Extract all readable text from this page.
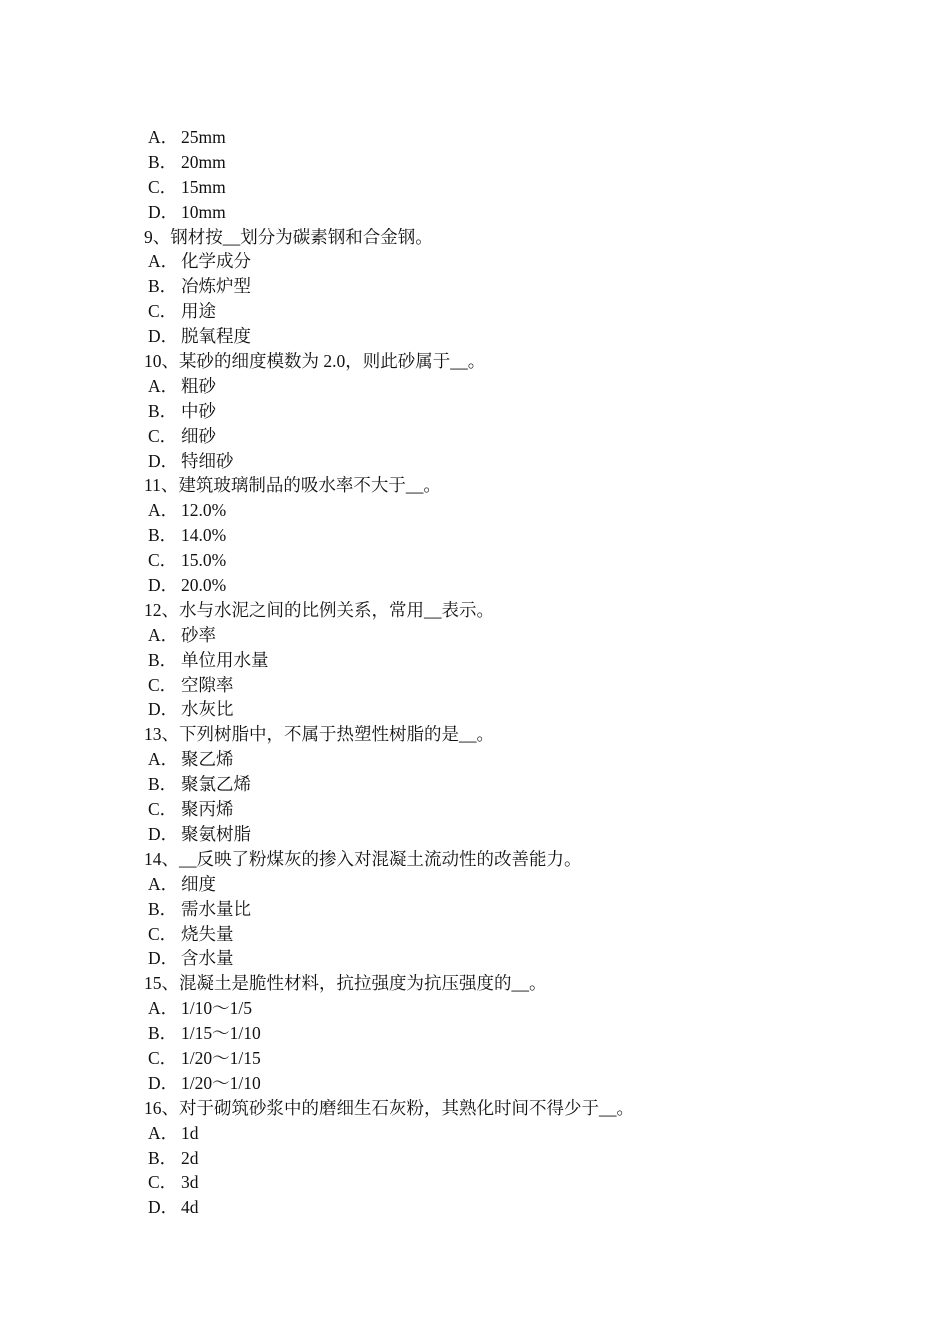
A． 25mm
B． 20mm
C． 15mm
D． 10mm
9、钢材按__划分为碳素钢和合金钢。
A． 化学成分
B． 冶炼炉型
C． 用途
D． 脱氧程度
10、某砂的细度模数为 2.0，则此砂属于__。
A． 粗砂
B． 中砂
C． 细砂
D． 特细砂
11、建筑玻璃制品的吸水率不大于__。
A． 12.0%
B． 14.0%
C． 15.0%
D． 20.0%
12、水与水泥之间的比例关系，常用__表示。
A． 砂率
B． 单位用水量
C． 空隙率
D． 水灰比
13、下列树脂中，不属于热塑性树脂的是__。
A． 聚乙烯
B． 聚氯乙烯
C． 聚丙烯
D． 聚氨树脂
14、__反映了粉煤灰的掺入对混凝土流动性的改善能力。
A． 细度
B． 需水量比
C． 烧失量
D． 含水量
15、混凝土是脆性材料，抗拉强度为抗压强度的__。
A． 1/10～1/5
B． 1/15～1/10
C． 1/20～1/15
D． 1/20～1/10
16、对于砌筑砂浆中的磨细生石灰粉，其熟化时间不得少于__。
A． 1d
B． 2d
C． 3d
D． 4d
